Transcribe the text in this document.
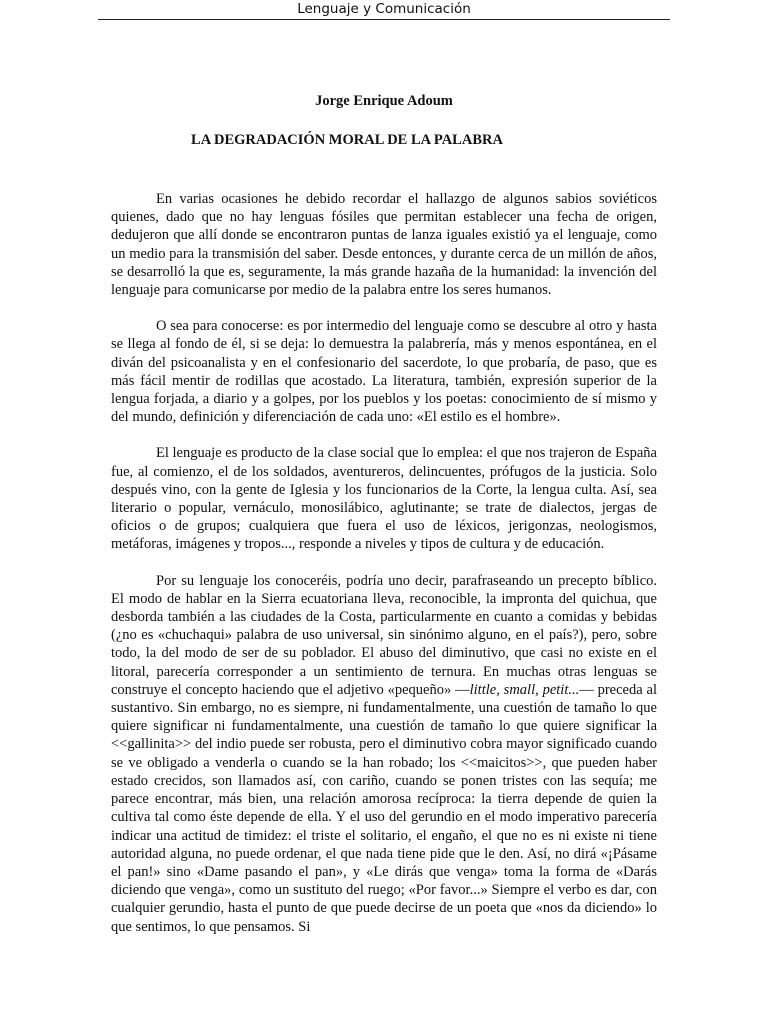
Lenguaje y Comunicación
Jorge Enrique Adoum
LA DEGRADACIÓN MORAL DE LA PALABRA

En varias ocasiones he debido recordar el hallazgo de algunos sabios soviéticos quienes, dado que no hay lenguas fósiles que permitan establecer una fecha de origen, dedujeron que allí donde se encontraron puntas de lanza iguales existió ya el lenguaje, como un medio para la transmisión del saber. Desde entonces, y durante cerca de un millón de años, se desarrolló la que es, seguramente, la más grande hazaña de la humanidad: la invención del lenguaje para comunicarse por medio de la palabra entre los seres humanos.

O sea para conocerse: es por intermedio del lenguaje como se descubre al otro y hasta se llega al fondo de él, si se deja: lo demuestra la palabrería, más y menos espontánea, en el diván del psicoanalista y en el confesionario del sacerdote, lo que probaría, de paso, que es más fácil mentir de rodillas que acostado. La literatura, también, expresión superior de la lengua forjada, a diario y a golpes, por los pueblos y los poetas: conocimiento de sí mismo y del mundo, definición y diferenciación de cada uno: «El estilo es el hombre».

El lenguaje es producto de la clase social que lo emplea: el que nos trajeron de España fue, al comienzo, el de los soldados, aventureros, delincuentes, prófugos de la justicia. Solo después vino, con la gente de Iglesia y los funcionarios de la Corte, la lengua culta. Así, sea literario o popular, vernáculo, monosilábico, aglutinante; se trate de dialectos, jergas de oficios o de grupos; cualquiera que fuera el uso de léxicos, jerigonzas, neologismos, metáforas, imágenes y tropos..., responde a niveles y tipos de cultura y de educación.

Por su lenguaje los conoceréis, podría uno decir, parafraseando un precepto bíblico. El modo de hablar en la Sierra ecuatoriana lleva, reconocible, la impronta del quichua, que desborda también a las ciudades de la Costa, particularmente en cuanto a comidas y bebidas (¿no es «chuchaqui» palabra de uso universal, sin sinónimo alguno, en el país?), pero, sobre todo, la del modo de ser de su poblador. El abuso del diminutivo, que casi no existe en el litoral, parecería corresponder a un sentimiento de ternura. En muchas otras lenguas se construye el concepto haciendo que el adjetivo «pequeño» —little, small, petit...— preceda al sustantivo. Sin embargo, no es siempre, ni fundamentalmente, una cuestión de tamaño lo que quiere significar ni fundamentalmente, una cuestión de tamaño lo que quiere significar la <<gallinita>> del indio puede ser robusta, pero el diminutivo cobra mayor significado cuando se ve obligado a venderla o cuando se la han robado; los <<maicitos>>, que pueden haber estado crecidos, son llamados así, con cariño, cuando se ponen tristes con las sequía; me parece encontrar, más bien, una relación amorosa recíproca: la tierra depende de quien la cultiva tal como éste depende de ella. Y el uso del gerundio en el modo imperativo parecería indicar una actitud de timidez: el triste el solitario, el engaño, el que no es ni existe ni tiene autoridad alguna, no puede ordenar, el que nada tiene pide que le den. Así, no dirá «¡Pásame el pan!» sino «Dame pasando el pan», y «Le dirás que venga» toma la forma de «Darás diciendo que venga», como un sustituto del ruego; «Por favor...» Siempre el verbo es dar, con cualquier gerundio, hasta el punto de que puede decirse de un poeta que «nos da diciendo» lo que sentimos, lo que pensamos. Si
